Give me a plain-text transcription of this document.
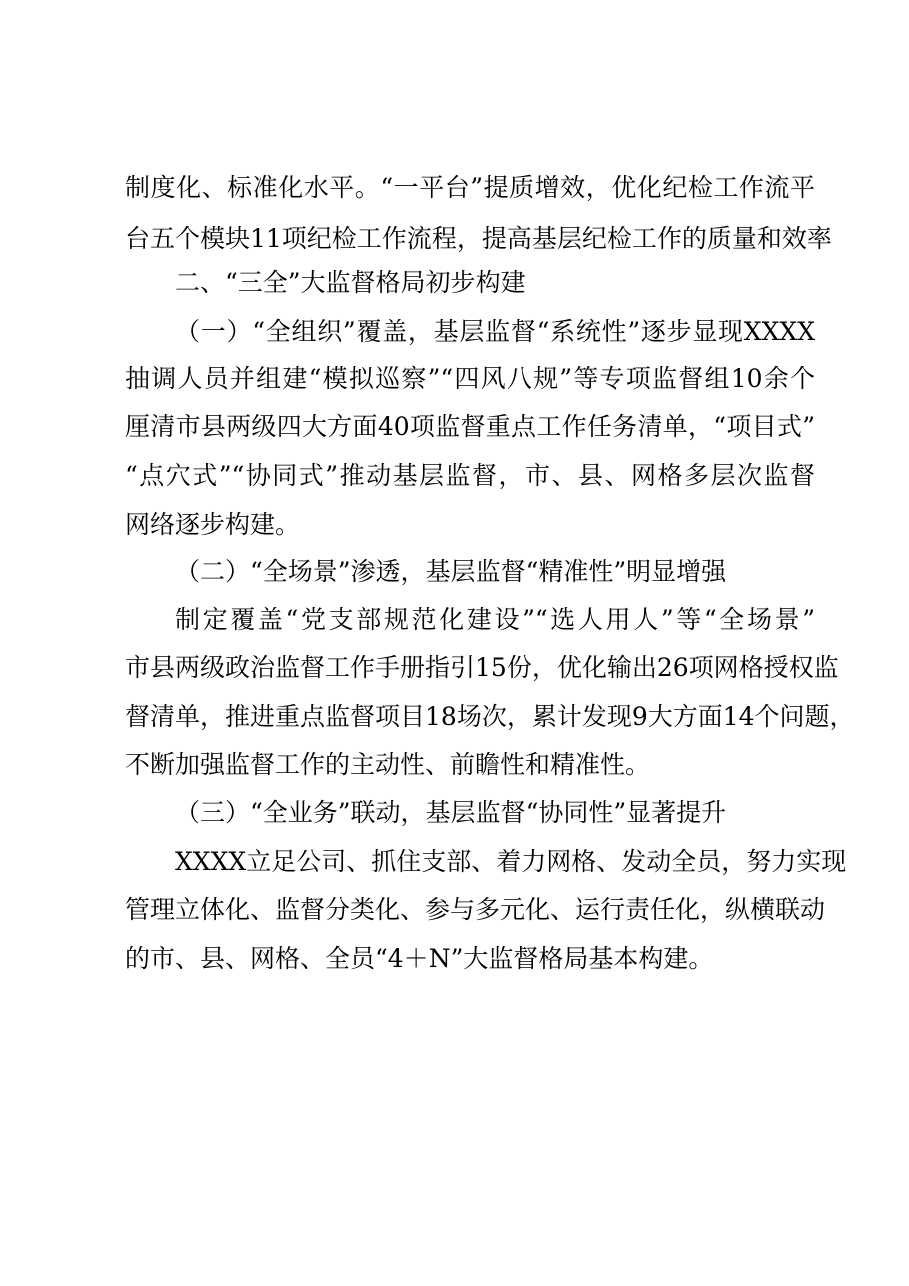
制度化、标准化水平。“一平台”提质增效，优化纪检工作流平
台五个模块11项纪检工作流程，提高基层纪检工作的质量和效率
二、“三全”大监督格局初步构建
（一）“全组织”覆盖，基层监督“系统性”逐步显现XXXX
抽调人员并组建“模拟巡察”“四风八规”等专项监督组10余个
厘清市县两级四大方面40项监督重点工作任务清单，“项目式”
“点穴式”“协同式”推动基层监督，市、县、网格多层次监督
网络逐步构建。
（二）“全场景”渗透，基层监督“精准性”明显增强
制定覆盖“党支部规范化建设”“选人用人”等“全场景”
市县两级政治监督工作手册指引15份，优化输出26项网格授权监
督清单，推进重点监督项目18场次，累计发现9大方面14个问题，
不断加强监督工作的主动性、前瞻性和精准性。
（三）“全业务”联动，基层监督“协同性”显著提升
XXXX立足公司、抓住支部、着力网格、发动全员，努力实现
管理立体化、监督分类化、参与多元化、运行责任化，纵横联动
的市、县、网格、全员“4＋N”大监督格局基本构建。
